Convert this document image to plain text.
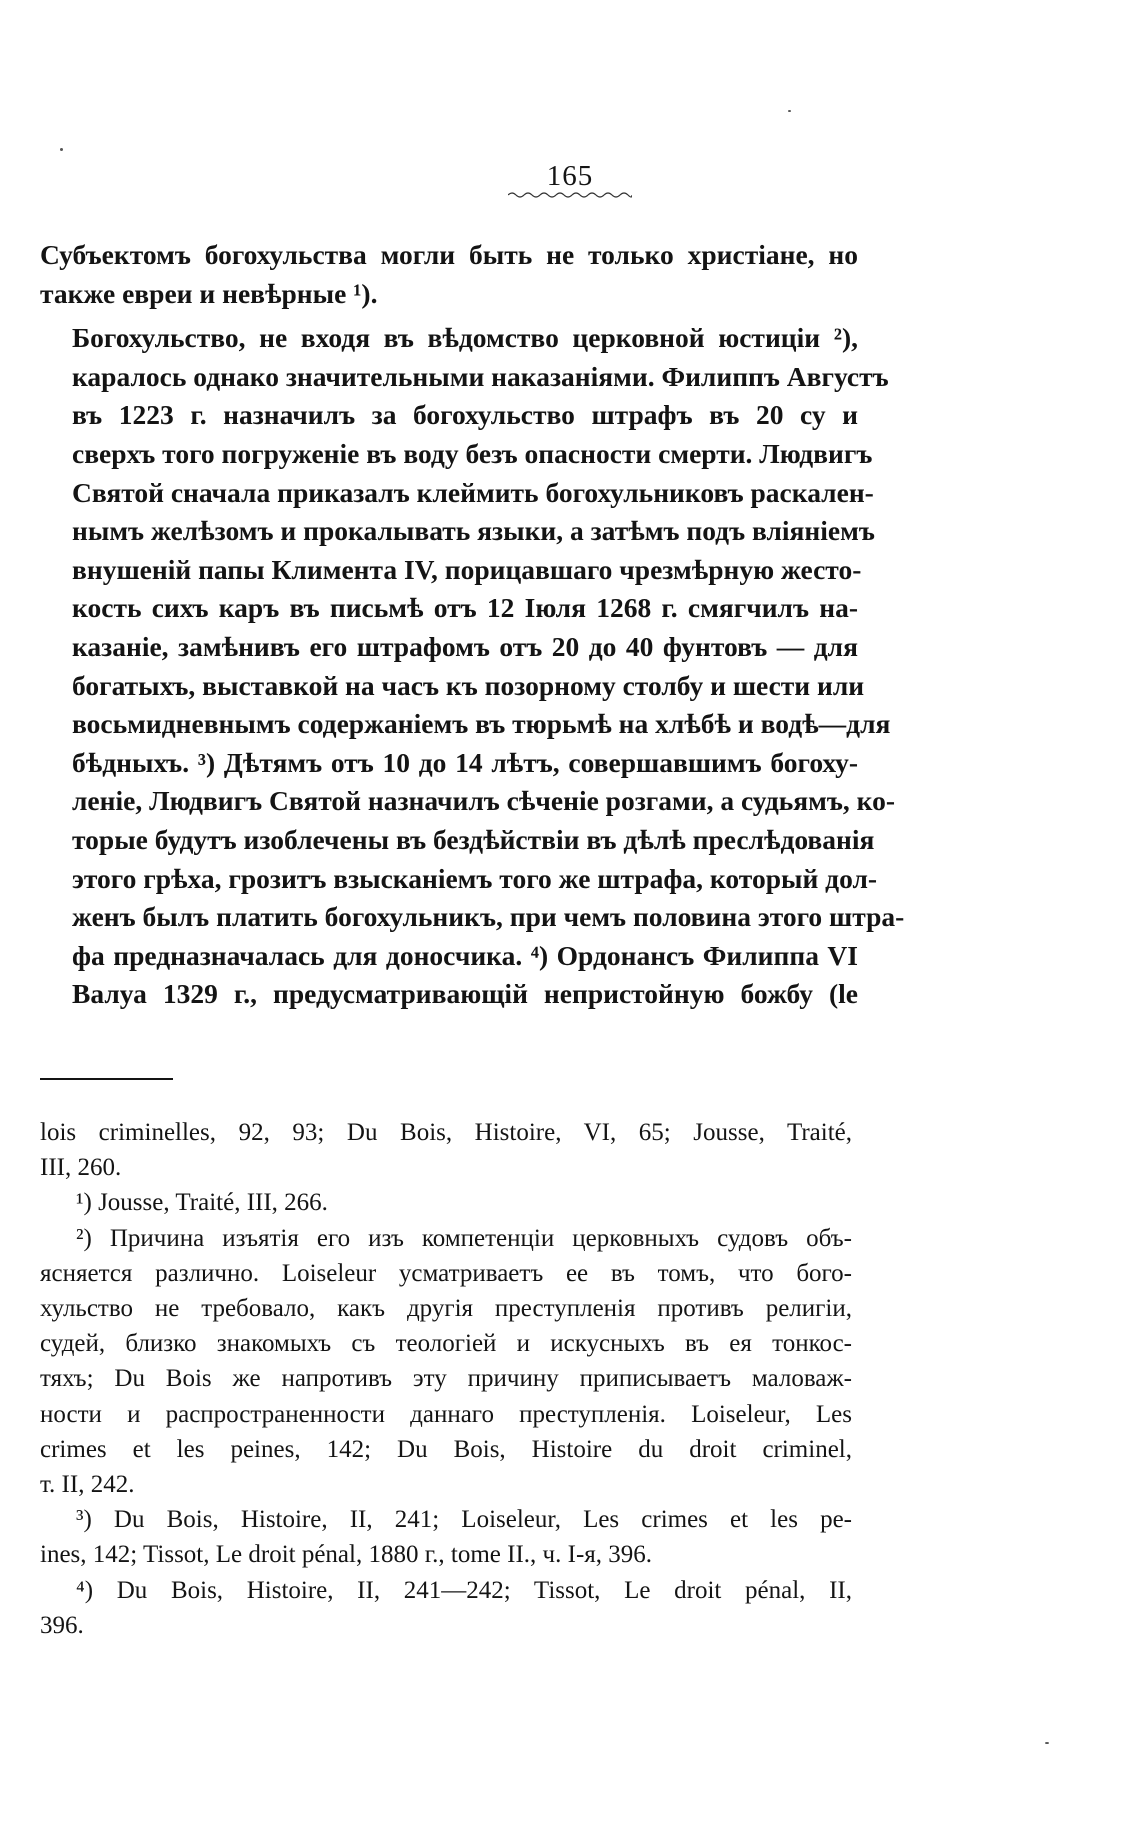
165

Субъектомъ богохульства могли быть не только христіане, но
также евреи и невѣрные ¹).

Богохульство, не входя въ вѣдомство церковной юстиціи ²),
каралось однако значительными наказаніями. Филиппъ Августъ
въ 1223 г. назначилъ за богохульство штрафъ въ 20 су и
сверхъ того погруженіе въ воду безъ опасности смерти. Людвигъ
Святой сначала приказалъ клеймить богохульниковъ раскален-
нымъ желѣзомъ и прокалывать языки, а затѣмъ подъ вліяніемъ
внушеній папы Климента IV, порицавшаго чрезмѣрную жесто-
кость сихъ каръ въ письмѣ отъ 12 Іюля 1268 г. смягчилъ на-
казаніе, замѣнивъ его штрафомъ отъ 20 до 40 фунтовъ — для
богатыхъ, выставкой на часъ къ позорному столбу и шести или
восьмидневнымъ содержаніемъ въ тюрьмѣ на хлѣбѣ и водѣ—для
бѣдныхъ. ³) Дѣтямъ отъ 10 до 14 лѣтъ, совершавшимъ богоху-
леніе, Людвигъ Святой назначилъ сѣченіе розгами, а судьямъ, ко-
торые будутъ изоблечены въ бездѣйствіи въ дѣлѣ преслѣдованія
этого грѣха, грозитъ взысканіемъ того же штрафа, который дол-
женъ былъ платить богохульникъ, при чемъ половина этого штра-
фа предназначалась для доносчика. ⁴) Ордонансъ Филиппа VI
Валуа 1329 г., предусматривающій непристойную божбу (le

lois criminelles, 92, 93; Du Bois, Histoire, VI, 65; Jousse, Traité,
III, 260.
¹) Jousse, Traité, III, 266.
²) Причина изъятія его изъ компетенціи церковныхъ судовъ объ-
ясняется различно. Loiseleur усматриваетъ ее въ томъ, что бого-
хульство не требовало, какъ другія преступленія противъ религіи,
судей, близко знакомыхъ съ теологіей и искусныхъ въ ея тонкос-
тяхъ; Du Bois же напротивъ эту причину приписываетъ маловаж-
ности и распространенности даннаго преступленія. Loiseleur, Les
crimes et les peines, 142; Du Bois, Histoire du droit criminel,
т. II, 242.
³) Du Bois, Histoire, II, 241; Loiseleur, Les crimes et les pe-
ines, 142; Tissot, Le droit pénal, 1880 г., tome II., ч. I-я, 396.
⁴) Du Bois, Histoire, II, 241—242; Tissot, Le droit pénal, II,
396.
